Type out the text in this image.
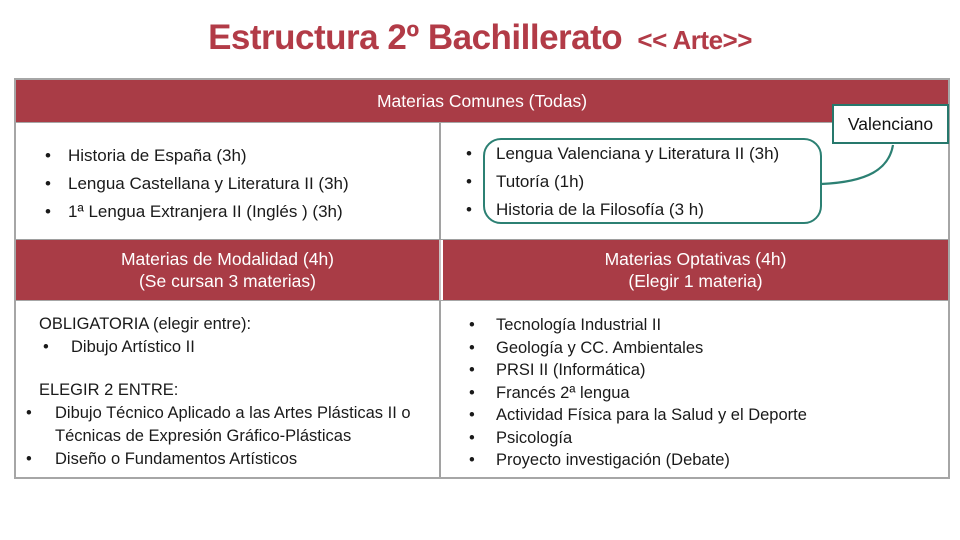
Estructura 2º Bachillerato << Arte>>
Materias Comunes (Todas)
• Historia de España (3h)
• Lengua Castellana y Literatura II (3h)
• 1ª Lengua Extranjera II (Inglés ) (3h)
• Lengua Valenciana y Literatura II (3h)
• Tutoría (1h)
• Historia de la Filosofía (3 h)
Materias de Modalidad (4h)
(Se cursan 3 materias)
Materias Optativas (4h)
(Elegir 1 materia)
OBLIGATORIA (elegir entre):
• Dibujo Artístico II
ELEGIR 2 ENTRE:
• Dibujo Técnico Aplicado a las Artes Plásticas II o Técnicas de Expresión Gráfico-Plásticas
• Diseño o Fundamentos Artísticos
• Tecnología Industrial II
• Geología y CC. Ambientales
• PRSI II (Informática)
• Francés 2ª lengua
• Actividad Física para la Salud y el Deporte
• Psicología
• Proyecto investigación (Debate)
Valenciano
